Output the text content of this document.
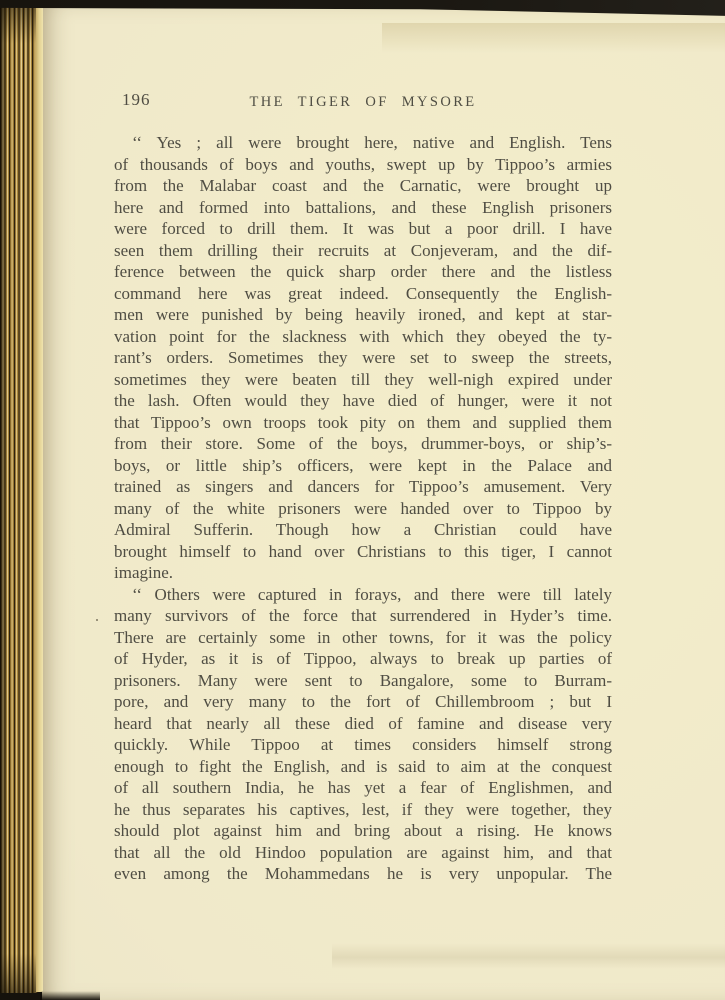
196	THE TIGER OF MYSORE
‘‘ Yes ; all were brought here, native and English. Tens
of thousands of boys and youths, swept up by Tippoo’s armies
from the Malabar coast and the Carnatic, were brought up
here and formed into battalions, and these English prisoners
were forced to drill them. It was but a poor drill. I have
seen them drilling their recruits at Conjeveram, and the dif-
ference between the quick sharp order there and the listless
command here was great indeed. Consequently the English-
men were punished by being heavily ironed, and kept at star-
vation point for the slackness with which they obeyed the ty-
rant’s orders. Sometimes they were set to sweep the streets,
sometimes they were beaten till they well-nigh expired under
the lash. Often would they have died of hunger, were it not
that Tippoo’s own troops took pity on them and supplied them
from their store. Some of the boys, drummer-boys, or ship’s-
boys, or little ship’s officers, were kept in the Palace and
trained as singers and dancers for Tippoo’s amusement. Very
many of the white prisoners were handed over to Tippoo by
Admiral Sufferin. Though how a Christian could have
brought himself to hand over Christians to this tiger, I cannot
imagine.
‘‘ Others were captured in forays, and there were till lately
many survivors of the force that surrendered in Hyder’s time.
There are certainly some in other towns, for it was the policy
of Hyder, as it is of Tippoo, always to break up parties of
prisoners. Many were sent to Bangalore, some to Burram-
pore, and very many to the fort of Chillembroom ; but I
heard that nearly all these died of famine and disease very
quickly. While Tippoo at times considers himself strong
enough to fight the English, and is said to aim at the conquest
of all southern India, he has yet a fear of Englishmen, and
he thus separates his captives, lest, if they were together, they
should plot against him and bring about a rising. He knows
that all the old Hindoo population are against him, and that
even among the Mohammedans he is very unpopular. The
